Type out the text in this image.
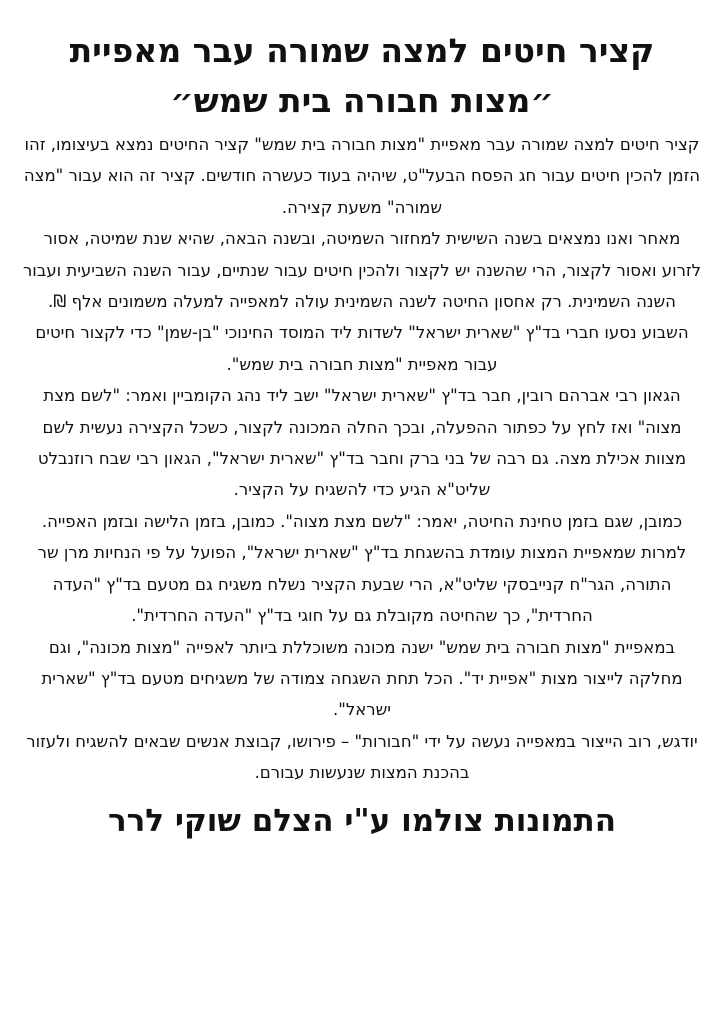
קציר חיטים למצה שמורה עבר מאפיית ״מצות חבורה בית שמש״

קציר חיטים למצה שמורה עבר מאפיית "מצות חבורה בית שמש" קציר החיטים נמצא בעיצומו, זהו הזמן להכין חיטים עבור חג הפסח הבעל"ט, שיהיה בעוד כעשרה חודשים. קציר זה הוא עבור "מצה שמורה" משעת קצירה.

מאחר ואנו נמצאים בשנה השישית למחזור השמיטה, ובשנה הבאה, שהיא שנת שמיטה, אסור לזרוע ואסור לקצור, הרי שהשנה יש לקצור ולהכין חיטים עבור שנתיים, עבור השנה השביעית ועבור השנה השמינית. רק אחסון החיטה לשנה השמינית עולה למאפייה למעלה משמונים אלף ₪.

השבוע נסעו חברי בד"ץ "שארית ישראל" לשדות ליד המוסד החינוכי "בן-שמן" כדי לקצור חיטים עבור מאפיית "מצות חבורה בית שמש".

הגאון רבי אברהם רובין, חבר בד"ץ "שארית ישראל" ישב ליד נהג הקומביין ואמר: "לשם מצת מצוה" ואז לחץ על כפתור ההפעלה, ובכך החלה המכונה לקצור, כשכל הקצירה נעשית לשם מצוות אכילת מצה. גם רבה של בני ברק וחבר בד"ץ "שארית ישראל", הגאון רבי שבח רוזנבלט שליט"א הגיע כדי להשגיח על הקציר.

כמובן, שגם בזמן טחינת החיטה, יאמר: "לשם מצת מצוה". כמובן, בזמן הלישה ובזמן האפייה. למרות שמאפיית המצות עומדת בהשגחת בד"ץ "שארית ישראל", הפועל על פי הנחיות מרן שר התורה, הגר"ח קנייבסקי שליט"א, הרי שבעת הקציר נשלח משגיח גם מטעם בד"ץ "העדה החרדית", כך שהחיטה מקובלת גם על חוגי בד"ץ "העדה החרדית".

במאפיית "מצות חבורה בית שמש" ישנה מכונה משוכללת ביותר לאפייה "מצות מכונה", וגם מחלקה לייצור מצות "אפיית יד". הכל תחת השגחה צמודה של משגיחים מטעם בד"ץ "שארית ישראל".

יודגש, רוב הייצור במאפייה נעשה על ידי "חבורות" – פירושו, קבוצת אנשים שבאים להשגיח ולעזור בהכנת המצות שנעשות עבורם.

התמונות צולמו ע"י הצלם שוקי לרר
